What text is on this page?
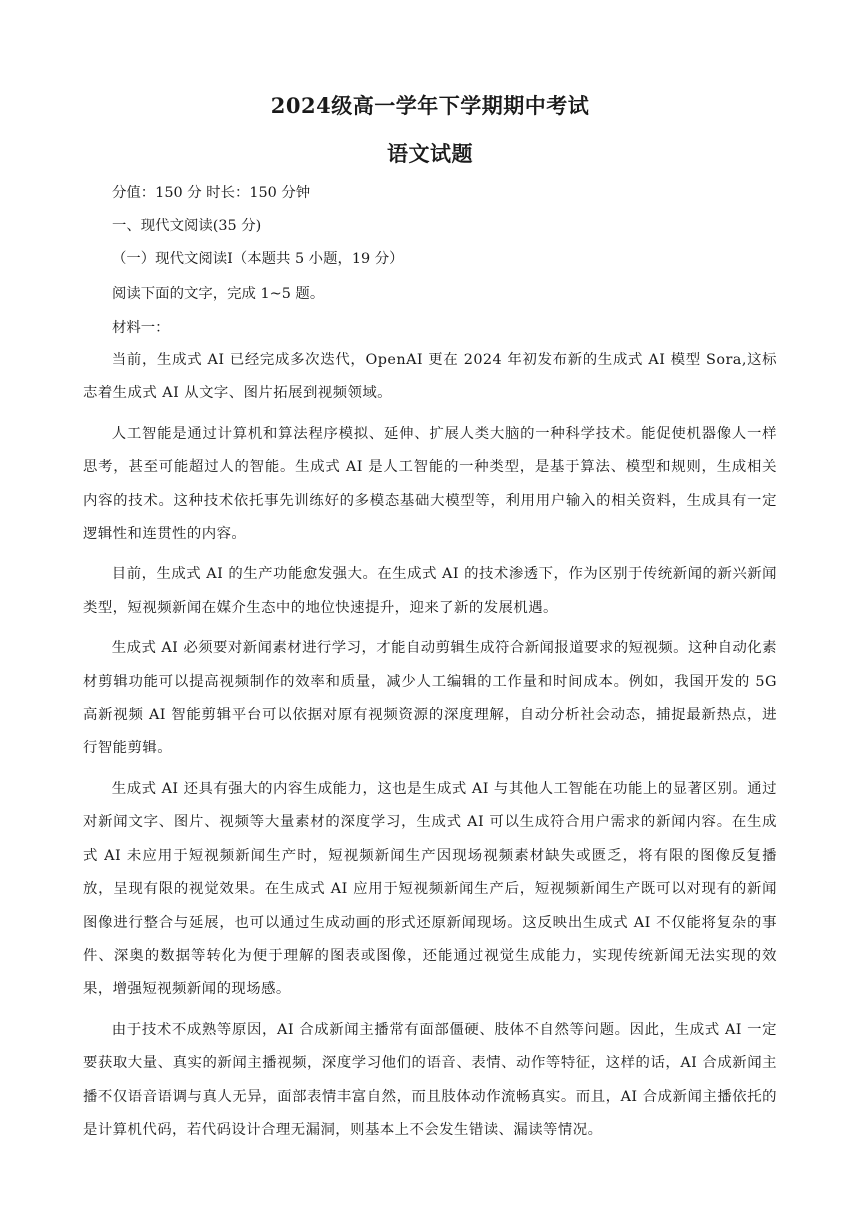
2024级高一学年下学期期中考试
语文试题

分值：150 分 时长：150 分钟

一、现代文阅读(35 分)

（一）现代文阅读Ⅰ（本题共 5 小题，19 分）

阅读下面的文字，完成 1~5 题。

材料一：

当前，生成式 AI 已经完成多次迭代，OpenAI 更在 2024 年初发布新的生成式 AI 模型 Sora,这标志着生成式 AI 从文字、图片拓展到视频领域。

人工智能是通过计算机和算法程序模拟、延伸、扩展人类大脑的一种科学技术。能促使机器像人一样思考，甚至可能超过人的智能。生成式 AI 是人工智能的一种类型，是基于算法、模型和规则，生成相关内容的技术。这种技术依托事先训练好的多模态基础大模型等，利用用户输入的相关资料，生成具有一定逻辑性和连贯性的内容。

目前，生成式 AI 的生产功能愈发强大。在生成式 AI 的技术渗透下，作为区别于传统新闻的新兴新闻类型，短视频新闻在媒介生态中的地位快速提升，迎来了新的发展机遇。

生成式 AI 必须要对新闻素材进行学习，才能自动剪辑生成符合新闻报道要求的短视频。这种自动化素材剪辑功能可以提高视频制作的效率和质量，减少人工编辑的工作量和时间成本。例如，我国开发的 5G 高新视频 AI 智能剪辑平台可以依据对原有视频资源的深度理解，自动分析社会动态，捕捉最新热点，进行智能剪辑。

生成式 AI 还具有强大的内容生成能力，这也是生成式 AI 与其他人工智能在功能上的显著区别。通过对新闻文字、图片、视频等大量素材的深度学习，生成式 AI 可以生成符合用户需求的新闻内容。在生成式 AI 未应用于短视频新闻生产时，短视频新闻生产因现场视频素材缺失或匮乏，将有限的图像反复播放，呈现有限的视觉效果。在生成式 AI 应用于短视频新闻生产后，短视频新闻生产既可以对现有的新闻图像进行整合与延展，也可以通过生成动画的形式还原新闻现场。这反映出生成式 AI 不仅能将复杂的事件、深奥的数据等转化为便于理解的图表或图像，还能通过视觉生成能力，实现传统新闻无法实现的效果，增强短视频新闻的现场感。

由于技术不成熟等原因，AI 合成新闻主播常有面部僵硬、肢体不自然等问题。因此，生成式 AI 一定要获取大量、真实的新闻主播视频，深度学习他们的语音、表情、动作等特征，这样的话，AI 合成新闻主播不仅语音语调与真人无异，面部表情丰富自然，而且肢体动作流畅真实。而且，AI 合成新闻主播依托的是计算机代码，若代码设计合理无漏洞，则基本上不会发生错读、漏读等情况。
